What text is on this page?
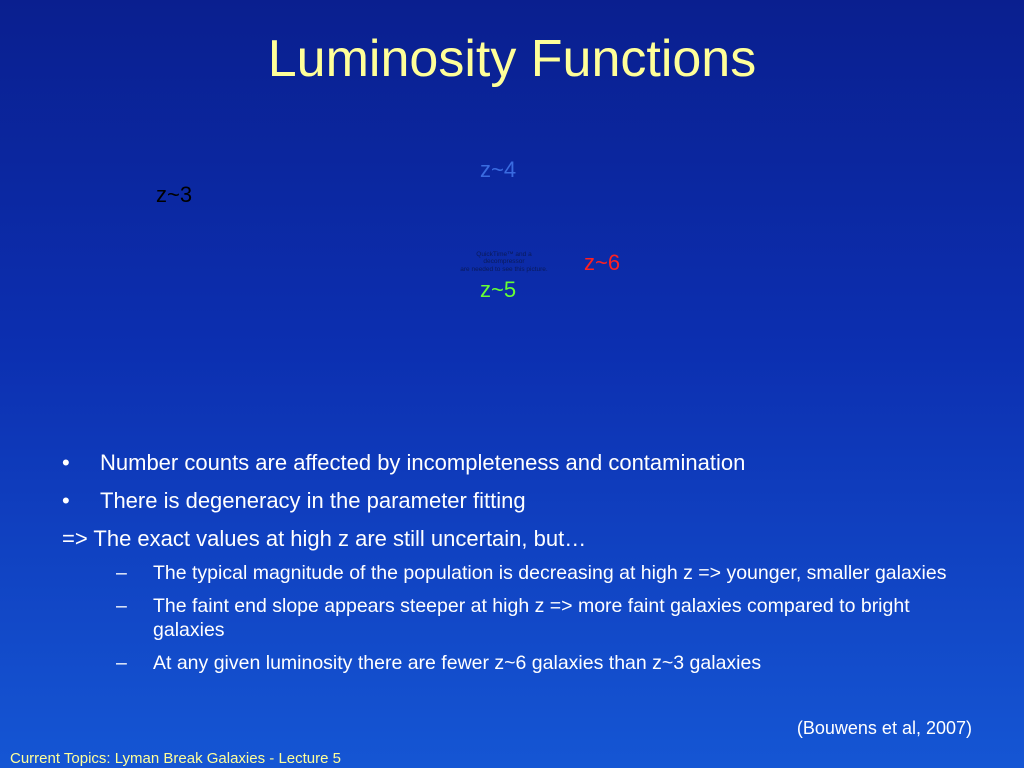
Luminosity Functions
z~4
z~3
z~6
z~5
QuickTime™ and a
decompressor
are needed to see this picture.
•	Number counts are affected by incompleteness and contamination
•	There is degeneracy in the parameter fitting
=> The exact values at high z are still uncertain, but…
–	The typical magnitude of the population is decreasing at high z => younger, smaller galaxies
–	The faint end slope appears steeper at high z => more faint galaxies compared to bright galaxies
–	At any given luminosity there are fewer z~6 galaxies than z~3 galaxies
(Bouwens et al, 2007)
Current Topics: Lyman Break Galaxies - Lecture 5
